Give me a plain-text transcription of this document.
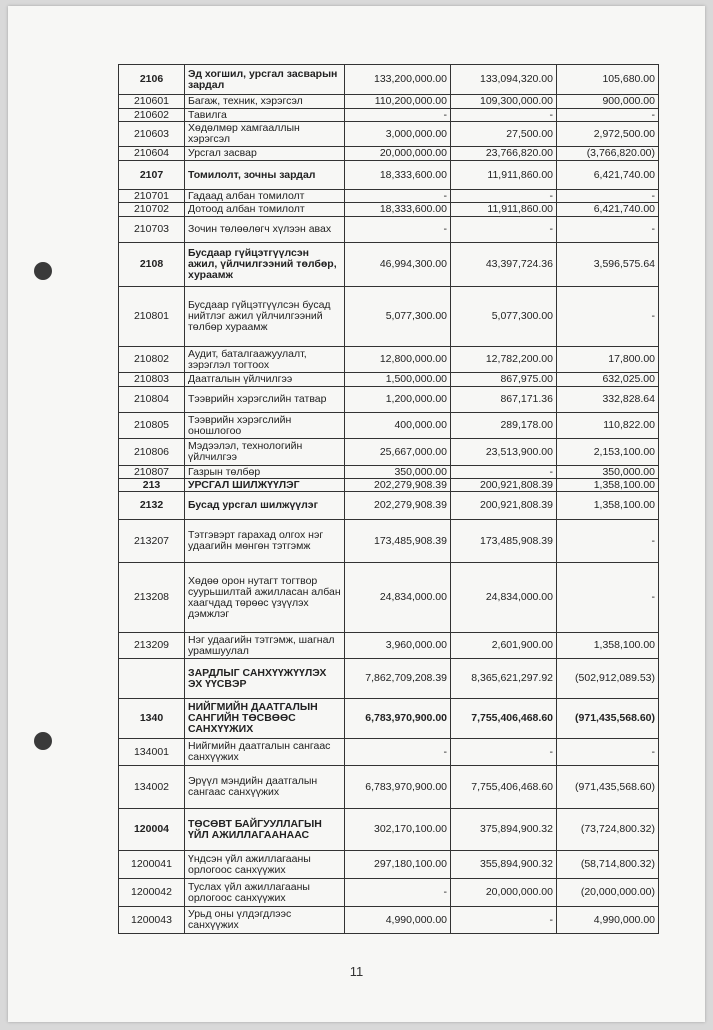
2106	Эд хогшил, урсгал засварын зардал	133,200,000.00	133,094,320.00	105,680.00
210601	Багаж, техник, хэрэгсэл	110,200,000.00	109,300,000.00	900,000.00
210602	Тавилга	-	-	-
210603	Хөдөлмөр хамгааллын хэрэгсэл	3,000,000.00	27,500.00	2,972,500.00
210604	Урсгал засвар	20,000,000.00	23,766,820.00	(3,766,820.00)
2107	Томилолт, зочны зардал	18,333,600.00	11,911,860.00	6,421,740.00
210701	Гадаад албан томилолт	-	-	-
210702	Дотоод албан томилолт	18,333,600.00	11,911,860.00	6,421,740.00
210703	Зочин төлөөлөгч хүлээн авах	-	-	-
2108	Бусдаар гүйцэтгүүлсэн ажил, үйлчилгээний төлбөр, хураамж	46,994,300.00	43,397,724.36	3,596,575.64
210801	Бусдаар гүйцэтгүүлсэн бусад нийтлэг ажил үйлчилгээний төлбөр хураамж	5,077,300.00	5,077,300.00	-
210802	Аудит, баталгаажуулалт, зэрэглэл тогтоох	12,800,000.00	12,782,200.00	17,800.00
210803	Даатгалын үйлчилгээ	1,500,000.00	867,975.00	632,025.00
210804	Тээврийн хэрэгслийн татвар	1,200,000.00	867,171.36	332,828.64
210805	Тээврийн хэрэгслийн оношлогоо	400,000.00	289,178.00	110,822.00
210806	Мэдээлэл, технологийн үйлчилгээ	25,667,000.00	23,513,900.00	2,153,100.00
210807	Газрын төлбөр	350,000.00	-	350,000.00
213	УРСГАЛ ШИЛЖҮҮЛЭГ	202,279,908.39	200,921,808.39	1,358,100.00
2132	Бусад урсгал шилжүүлэг	202,279,908.39	200,921,808.39	1,358,100.00
213207	Тэтгэвэрт гарахад олгох нэг удаагийн мөнгөн тэтгэмж	173,485,908.39	173,485,908.39	-
213208	Хөдөө орон нутагт тогтвор суурьшилтай ажилласан албан хаагчдад төрөөс үзүүлэх дэмжлэг	24,834,000.00	24,834,000.00	-
213209	Нэг удаагийн тэтгэмж, шагнал урамшуулал	3,960,000.00	2,601,900.00	1,358,100.00
	ЗАРДЛЫГ САНХҮҮЖҮҮЛЭХ ЭХ ҮҮСВЭР	7,862,709,208.39	8,365,621,297.92	(502,912,089.53)
1340	НИЙГМИЙН ДААТГАЛЫН САНГИЙН ТӨСВӨӨС САНХҮҮЖИХ	6,783,970,900.00	7,755,406,468.60	(971,435,568.60)
134001	Нийгмийн даатгалын сангаас санхүүжих	-	-	-
134002	Эрүүл мэндийн даатгалын сангаас санхүүжих	6,783,970,900.00	7,755,406,468.60	(971,435,568.60)
120004	ТӨСӨВТ БАЙГУУЛЛАГЫН ҮЙЛ АЖИЛЛАГААНААС	302,170,100.00	375,894,900.32	(73,724,800.32)
1200041	Үндсэн үйл ажиллагааны орлогоос санхүүжих	297,180,100.00	355,894,900.32	(58,714,800.32)
1200042	Туслах үйл ажиллагааны орлогоос санхүүжих	-	20,000,000.00	(20,000,000.00)
1200043	Урьд оны үлдэгдлээс санхүүжих	4,990,000.00	-	4,990,000.00
11
